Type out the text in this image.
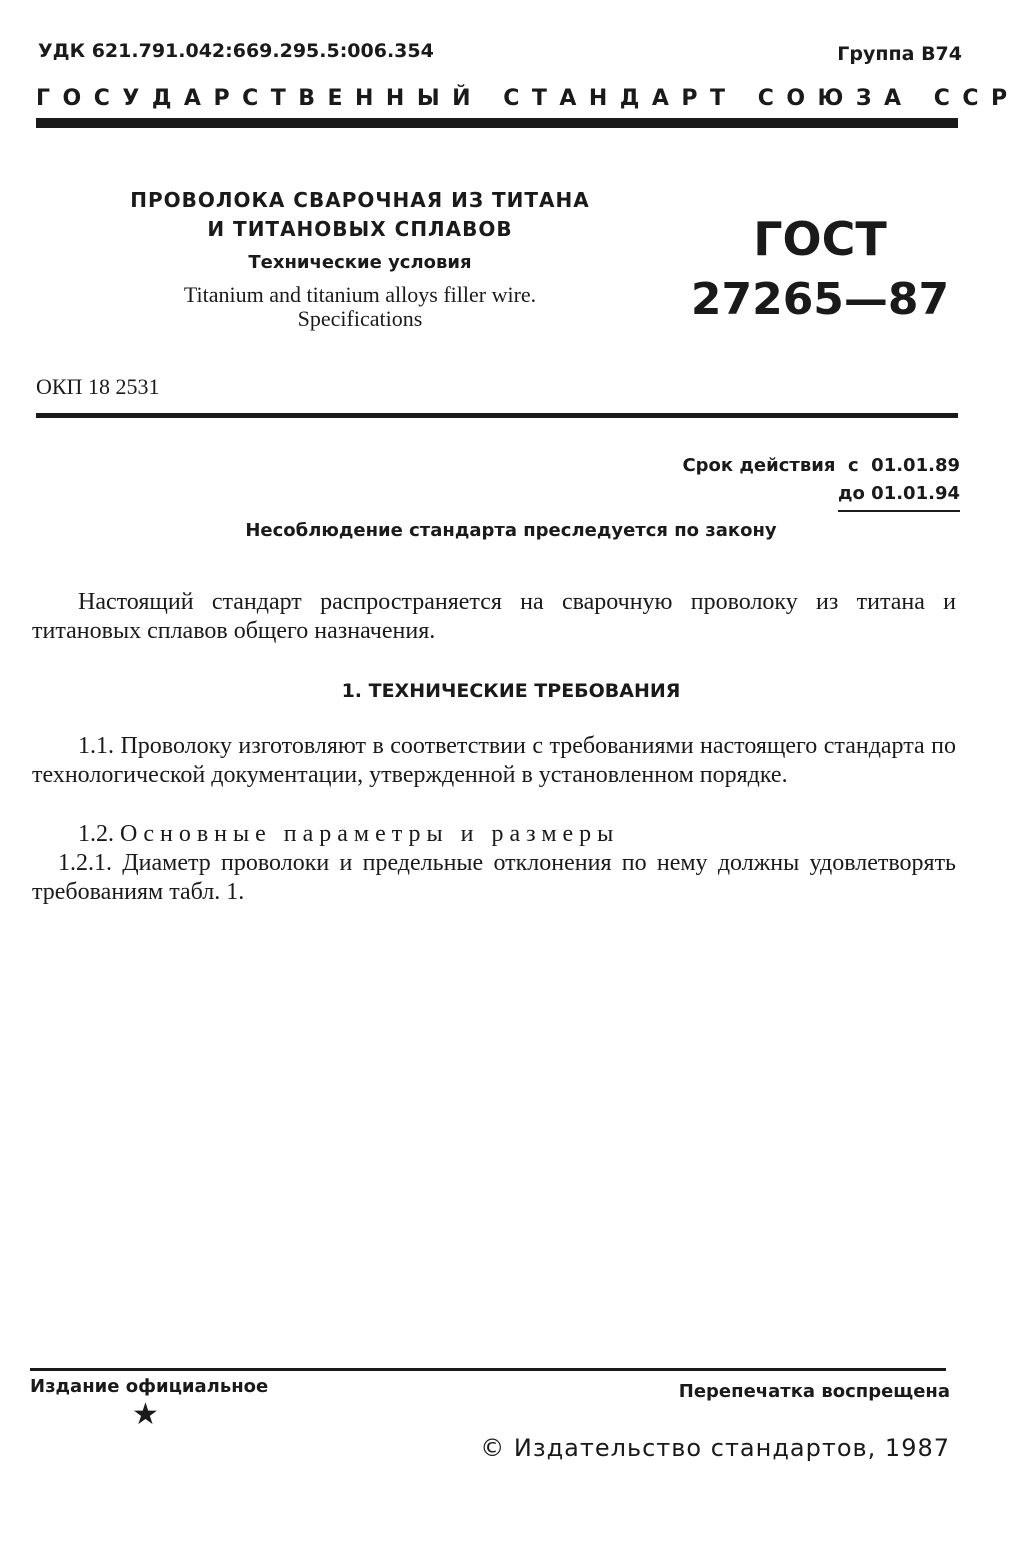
УДК 621.791.042:669.295.5:006.354	Группа В74
ГОСУДАРСТВЕННЫЙ СТАНДАРТ СОЮЗА ССР
ПРОВОЛОКА СВАРОЧНАЯ ИЗ ТИТАНА
И ТИТАНОВЫХ СПЛАВОВ
Технические условия
Titanium and titanium alloys filler wire.
Specifications
ГОСТ
27265—87
ОКП 18 2531
Срок действия с 01.01.89
до 01.01.94
Несоблюдение стандарта преследуется по закону
Настоящий стандарт распространяется на сварочную проволоку из титана и титановых сплавов общего назначения.
1. ТЕХНИЧЕСКИЕ ТРЕБОВАНИЯ
1.1. Проволоку изготовляют в соответствии с требованиями настоящего стандарта по технологической документации, утвержденной в установленном порядке.
1.2. Основные параметры и размеры
1.2.1. Диаметр проволоки и предельные отклонения по нему должны удовлетворять требованиям табл. 1.
Издание официальное
★
Перепечатка воспрещена
© Издательство стандартов, 1987
